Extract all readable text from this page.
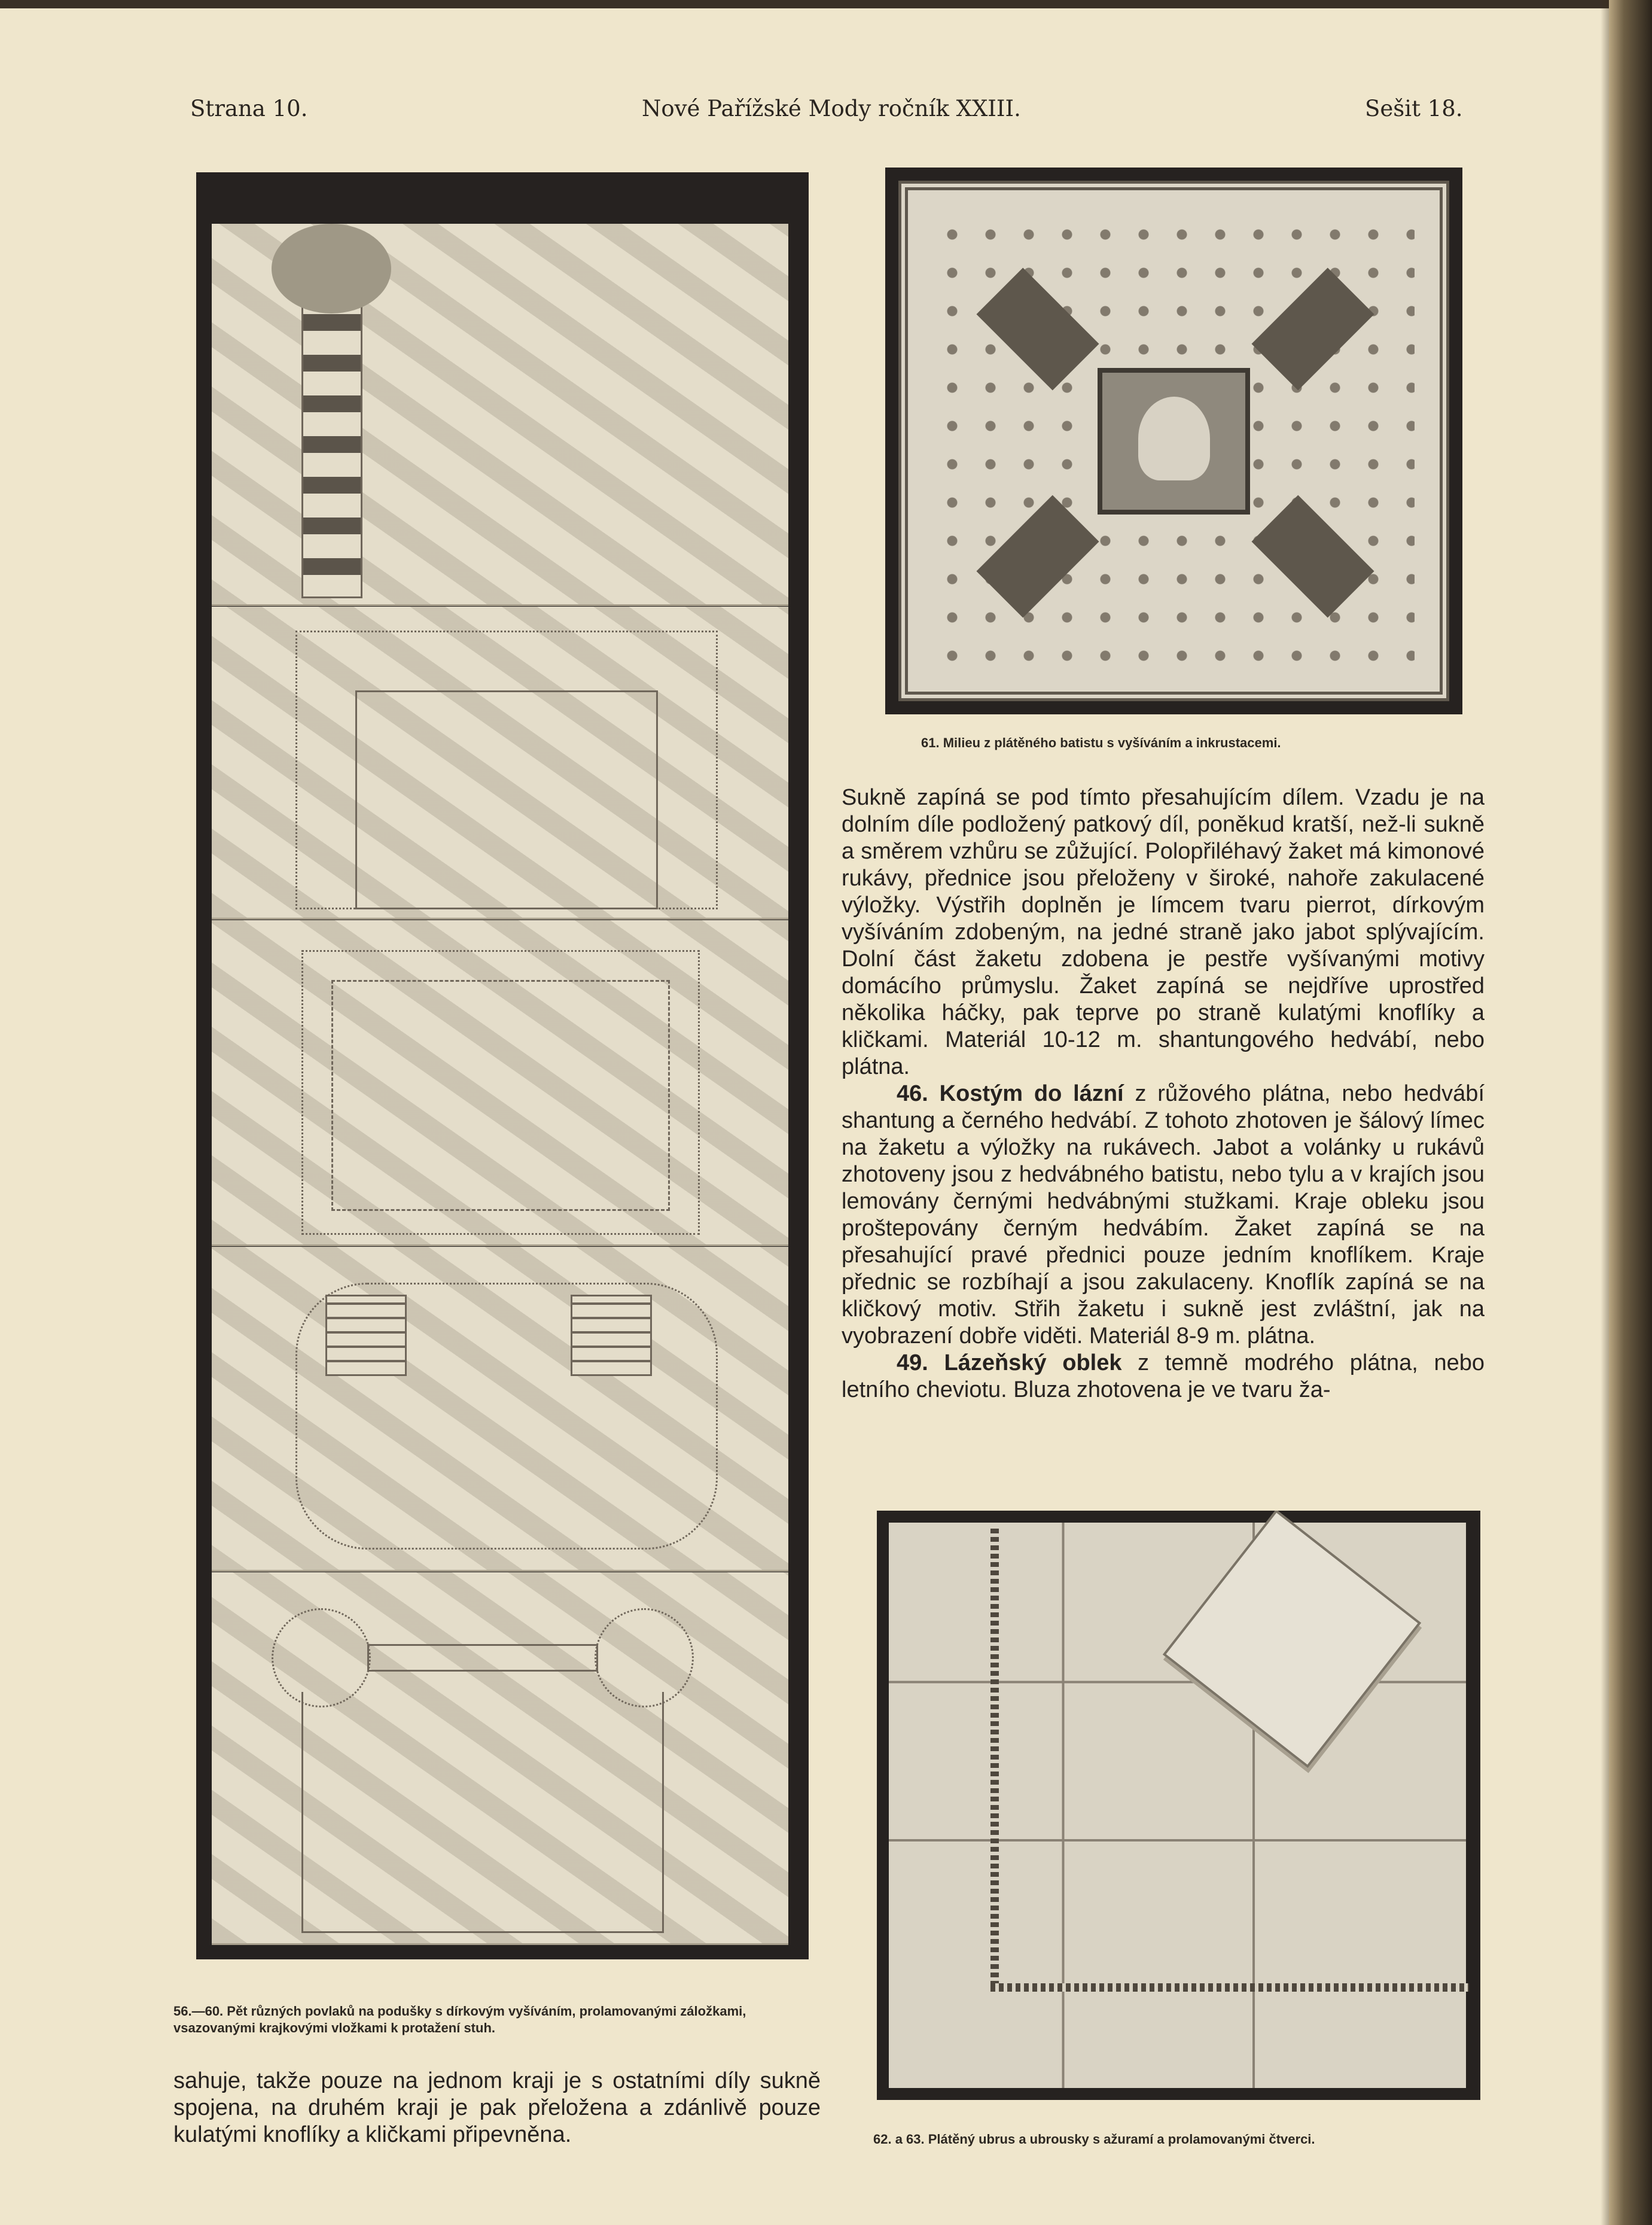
Strana 10.	Nové Pařížské Mody ročník XXIII.	Sešit 18.
56.—60. Pět různých povlaků na podušky s dírkovým vyšíváním, prolamovanými záložkami, vsazovanými krajkovými vložkami k protažení stuh.
61. Milieu z plátěného batistu s vyšíváním a inkrustacemi.

Sukně zapíná se pod tímto přesahujícím dílem. Vzadu je na dolním díle podložený patkový díl, poněkud kratší, než-li sukně a směrem vzhůru se zůžující. Polopřiléhavý žaket má kimonové rukávy, přednice jsou přeloženy v široké, nahoře zakulacené výložky. Výstřih doplněn je límcem tvaru pierrot, dírkovým vyšíváním zdobeným, na jedné straně jako jabot splývajícím. Dolní část žaketu zdobena je pestře vyšívanými motivy domácího průmyslu. Žaket zapíná se nejdříve uprostřed několika háčky, pak teprve po straně kulatými knoflíky a kličkami. Materiál 10-12 m. shantungového hedvábí, nebo plátna.

46. Kostým do lázní z růžového plátna, nebo hedvábí shantung a černého hedvábí. Z tohoto zhotoven je šálový límec na žaketu a výložky na rukávech. Jabot a volánky u rukávů zhotoveny jsou z hedvábného batistu, nebo tylu a v krajích jsou lemovány černými hedvábnými stužkami. Kraje obleku jsou proštepovány černým hedvábím. Žaket zapíná se na přesahující pravé přednici pouze jedním knoflíkem. Kraje přednic se rozbíhají a jsou zakulaceny. Knoflík zapíná se na kličkový motiv. Střih žaketu i sukně jest zvláštní, jak na vyobrazení dobře viděti. Materiál 8-9 m. plátna.

49. Lázeňský oblek z temně modrého plátna, nebo letního cheviotu. Bluza zhotovena je ve tvaru ža-

62. a 63. Plátěný ubrus a ubrousky s ažuramí a prolamovanými čtverci.
sahuje, takže pouze na jednom kraji je s ostatními díly sukně spojena, na druhém kraji je pak přeložena a zdánlivě pouze kulatými knoflíky a kličkami připevněna.
